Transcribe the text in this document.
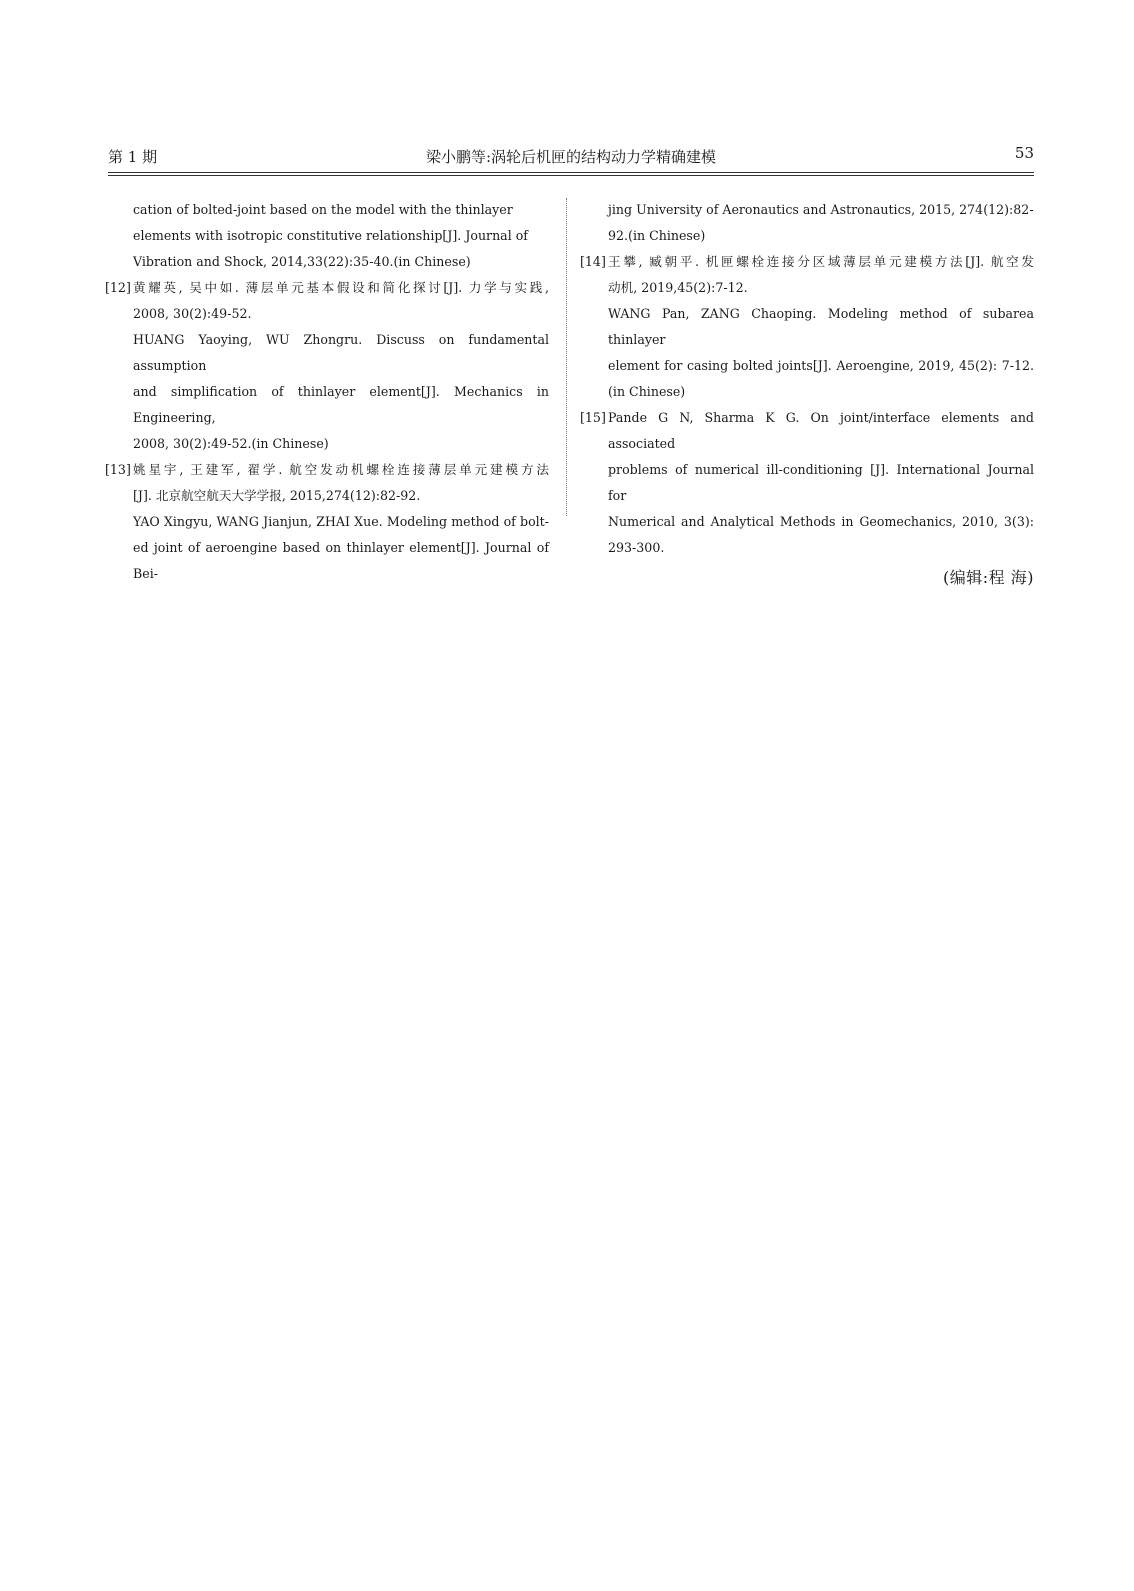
第 1 期	梁小鹏等:涡轮后机匣的结构动力学精确建模	53
cation of bolted-joint based on the model with the thinlayer elements with isotropic constitutive relationship[J]. Journal of Vibration and Shock, 2014,33(22):35-40.(in Chinese)
[12] 黄耀英, 吴中如. 薄层单元基本假设和简化探讨[J]. 力学与实践,
2008, 30(2):49-52.
HUANG Yaoying, WU Zhongru. Discuss on fundamental assumption
and simplification of thinlayer element[J]. Mechanics in Engineering,
2008, 30(2):49-52.(in Chinese)
[13] 姚星宇, 王建军, 翟学. 航空发动机螺栓连接薄层单元建模方法
[J]. 北京航空航天大学学报, 2015,274(12):82-92.
YAO Xingyu, WANG Jianjun, ZHAI Xue. Modeling method of bolt-
ed joint of aeroengine based on thinlayer element[J]. Journal of Bei-
jing University of Aeronautics and Astronautics, 2015, 274(12):82- 92.(in Chinese)
[14] 王攀, 臧朝平. 机匣螺栓连接分区域薄层单元建模方法[J]. 航空发
动机, 2019,45(2):7-12.
WANG Pan, ZANG Chaoping. Modeling method of subarea thinlayer
element for casing bolted joints[J]. Aeroengine, 2019, 45(2): 7-12.
(in Chinese)
[15] Pande G N, Sharma K G. On joint/interface elements and associated
problems of numerical ill-conditioning [J]. International Journal for
Numerical and Analytical Methods in Geomechanics, 2010, 3(3):
293-300.
(编辑:程 海)
